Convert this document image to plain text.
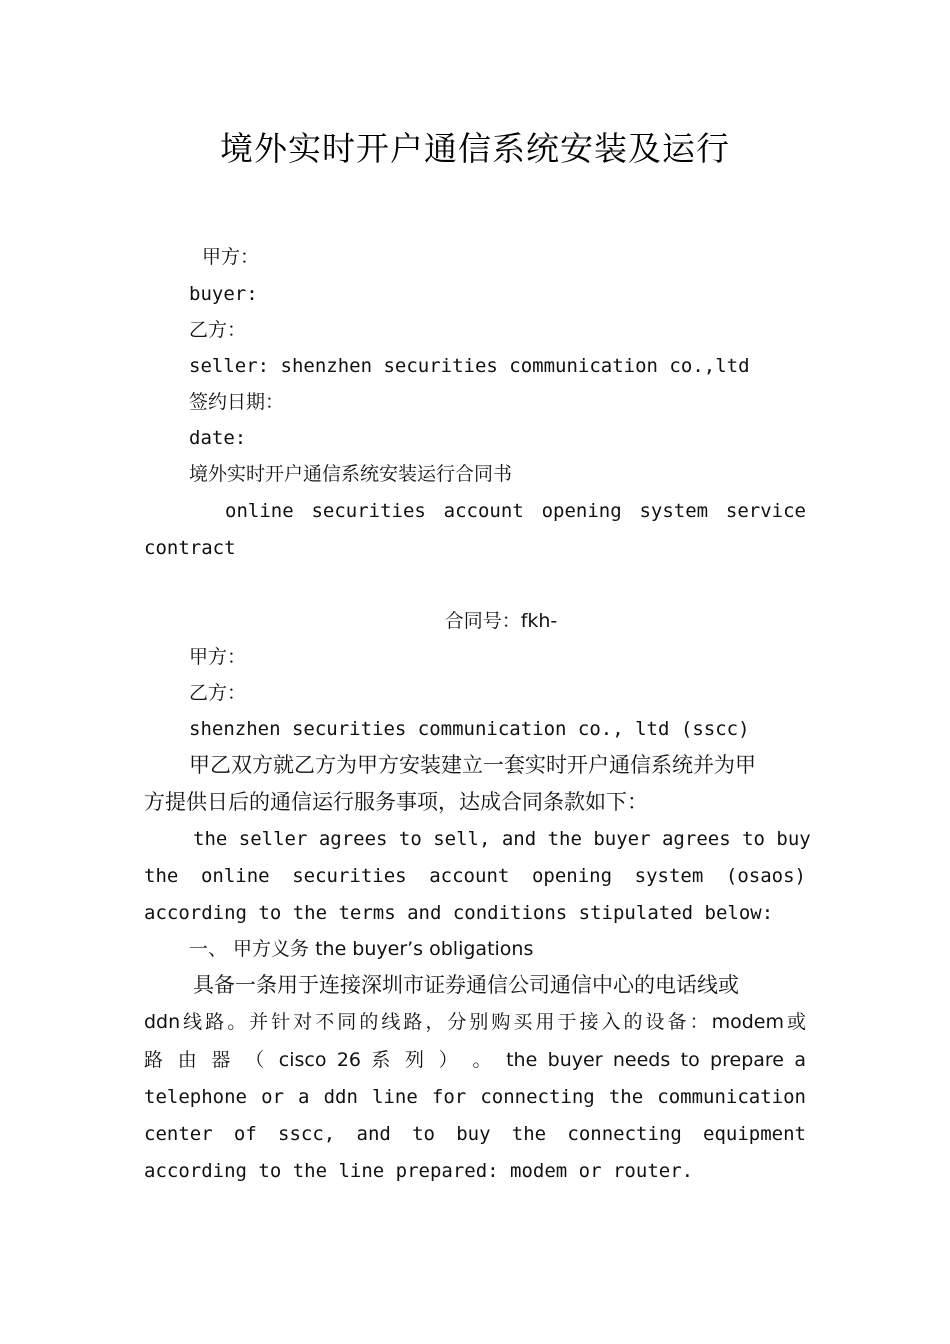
境外实时开户通信系统安装及运行
甲方：
buyer:
乙方：
seller: shenzhen securities communication co.,ltd
签约日期：
date:
境外实时开户通信系统安装运行合同书
online securities account opening system service
contract
合同号：fkh-
甲方：
乙方：
shenzhen securities communication co., ltd (sscc)
甲乙双方就乙方为甲方安装建立一套实时开户通信系统并为甲
方提供日后的通信运行服务事项，达成合同条款如下：
the seller agrees to sell, and the buyer agrees to buy
the online securities account opening system (osaos)
according to the terms and conditions stipulated below:
一、 甲方义务 the buyer’s obligations
具备一条用于连接深圳市证券通信公司通信中心的电话线或
ddn线路。并针对不同的线路，分别购买用于接入的设备：modem或
路 由 器 （ cisco 26 系 列 ） 。 the buyer needs to prepare a
telephone or a ddn line for connecting the communication
center of sscc, and to buy the connecting equipment
according to the line prepared: modem or router.
